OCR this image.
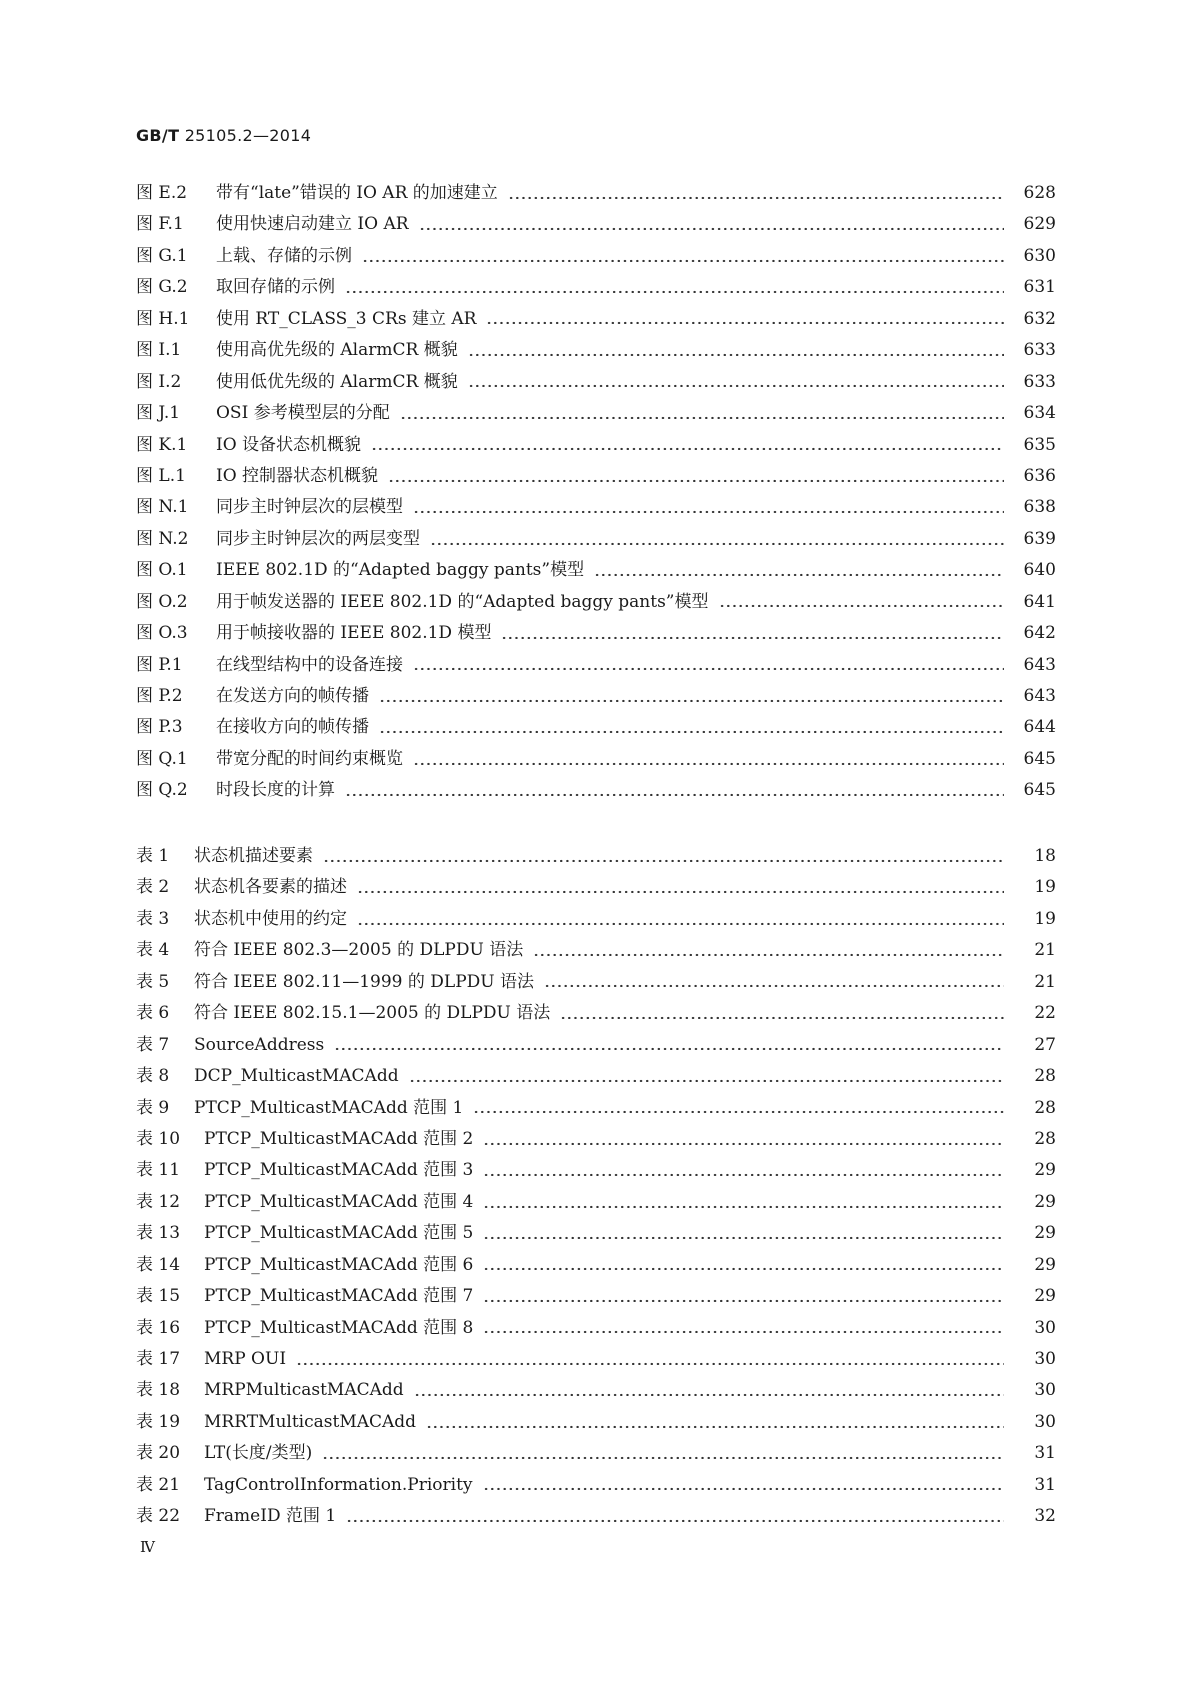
GB/T 25105.2—2014
图 E.2 带有“late”错误的 IO AR 的加速建立	628
图 F.1 使用快速启动建立 IO AR	629
图 G.1 上载、存储的示例	630
图 G.2 取回存储的示例	631
图 H.1 使用 RT_CLASS_3 CRs 建立 AR	632
图 I.1 使用高优先级的 AlarmCR 概貌	633
图 I.2 使用低优先级的 AlarmCR 概貌	633
图 J.1 OSI 参考模型层的分配	634
图 K.1 IO 设备状态机概貌	635
图 L.1 IO 控制器状态机概貌	636
图 N.1 同步主时钟层次的层模型	638
图 N.2 同步主时钟层次的两层变型	639
图 O.1 IEEE 802.1D 的“Adapted baggy pants”模型	640
图 O.2 用于帧发送器的 IEEE 802.1D 的“Adapted baggy pants”模型	641
图 O.3 用于帧接收器的 IEEE 802.1D 模型	642
图 P.1 在线型结构中的设备连接	643
图 P.2 在发送方向的帧传播	643
图 P.3 在接收方向的帧传播	644
图 Q.1 带宽分配的时间约束概览	645
图 Q.2 时段长度的计算	645
表 1 状态机描述要素	18
表 2 状态机各要素的描述	19
表 3 状态机中使用的约定	19
表 4 符合 IEEE 802.3—2005 的 DLPDU 语法	21
表 5 符合 IEEE 802.11—1999 的 DLPDU 语法	21
表 6 符合 IEEE 802.15.1—2005 的 DLPDU 语法	22
表 7 SourceAddress	27
表 8 DCP_MulticastMACAdd	28
表 9 PTCP_MulticastMACAdd 范围 1	28
表 10 PTCP_MulticastMACAdd 范围 2	28
表 11 PTCP_MulticastMACAdd 范围 3	29
表 12 PTCP_MulticastMACAdd 范围 4	29
表 13 PTCP_MulticastMACAdd 范围 5	29
表 14 PTCP_MulticastMACAdd 范围 6	29
表 15 PTCP_MulticastMACAdd 范围 7	29
表 16 PTCP_MulticastMACAdd 范围 8	30
表 17 MRP OUI	30
表 18 MRPMulticastMACAdd	30
表 19 MRRTMulticastMACAdd	30
表 20 LT(长度/类型)	31
表 21 TagControlInformation.Priority	31
表 22 FrameID 范围 1	32
Ⅳ
